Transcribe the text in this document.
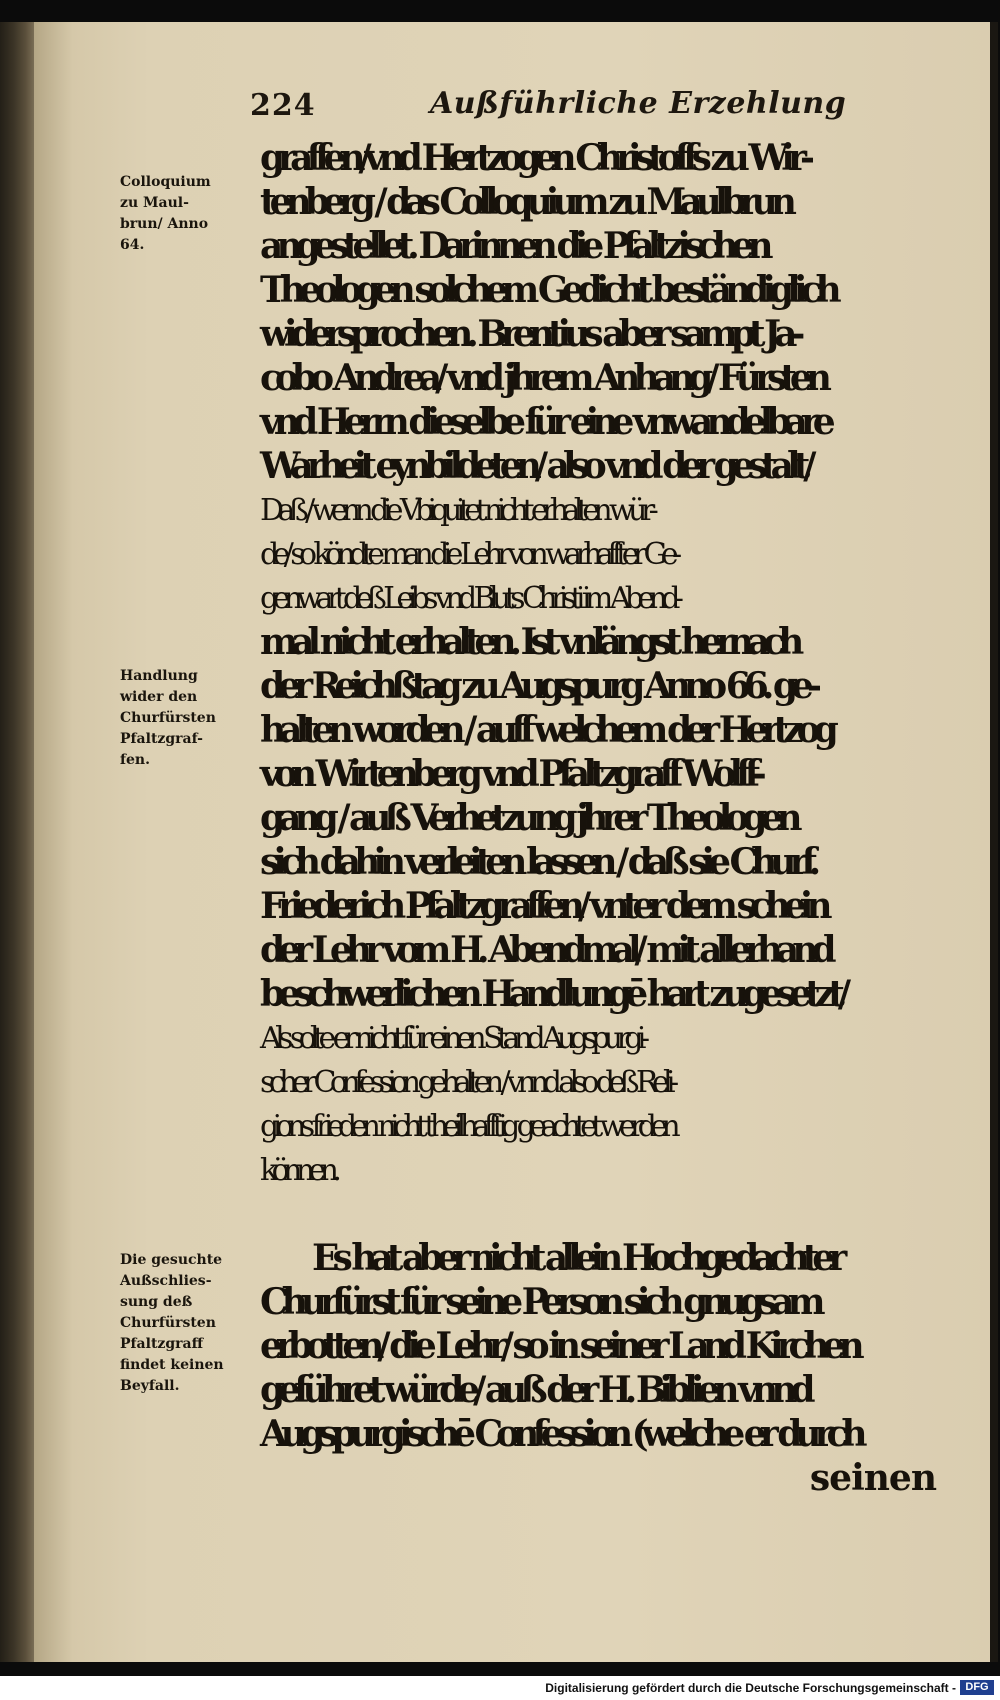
224	Außführliche Erzehlung
graffen/vnd Hertzogen Christoffs zu Wir-
tenberg / das Colloquium zu Maulbrun
angestellet. Darinnen die Pfaltzischen
Theologen solchem Gedicht beständiglich
widersprochen. Brentius aber sampt Ja-
cobo Andrea/ vnd jhrem Anhang/ Fürsten
vnd Herrn dieselbe für eine vnwandelbare
Warheit eynbildeten/ also vnd der gestalt/
Daß / wenn die Vbiquitet nicht erhalten wür-
de/ so köndte man die Lehr von warhaffter Ge-
genwart deß Leibs vnd Bluts Christi im Abend-
mal nicht erhalten. Ist vnlängst hernach
der Reichßtag zu Augspurg Anno 66. ge-
halten worden / auff welchem der Hertzog
von Wirtenberg vnd Pfaltzgraff Wolff-
gang / auß Verhetzung jhrer Theologen
sich dahin verleiten lassen / daß sie Churf.
Friederich Pfaltzgraffen/ vnter dem schein
der Lehr vom H. Abendmal/ mit allerhand
beschwerlichen Handlungē hart zugesetzt/
Als solte er nicht für einen Stand Augspurgi-
scher Confession gehalten / vnnd also deß Reli-
gions frieden nicht theilhafftig geachtet werden
können.
Es hat aber nicht allein Hochgedachter
Churfürst für seine Person sich gnugsam
erbotten/ die Lehr/ so in seiner Land Kirchen
geführet würde/ auß der H. Biblien vnnd
Augspurgischē Confession (welche er durch
seinen
Colloquium
zu Maul-
brun/ Anno
64.
Handlung
wider den
Churfürsten
Pfaltzgraf-
fen.
Die gesuchte
Außschlies-
sung deß
Churfürsten
Pfaltzgraff
findet keinen
Beyfall.
Digitalisierung gefördert durch die Deutsche Forschungsgemeinschaft - DFG
